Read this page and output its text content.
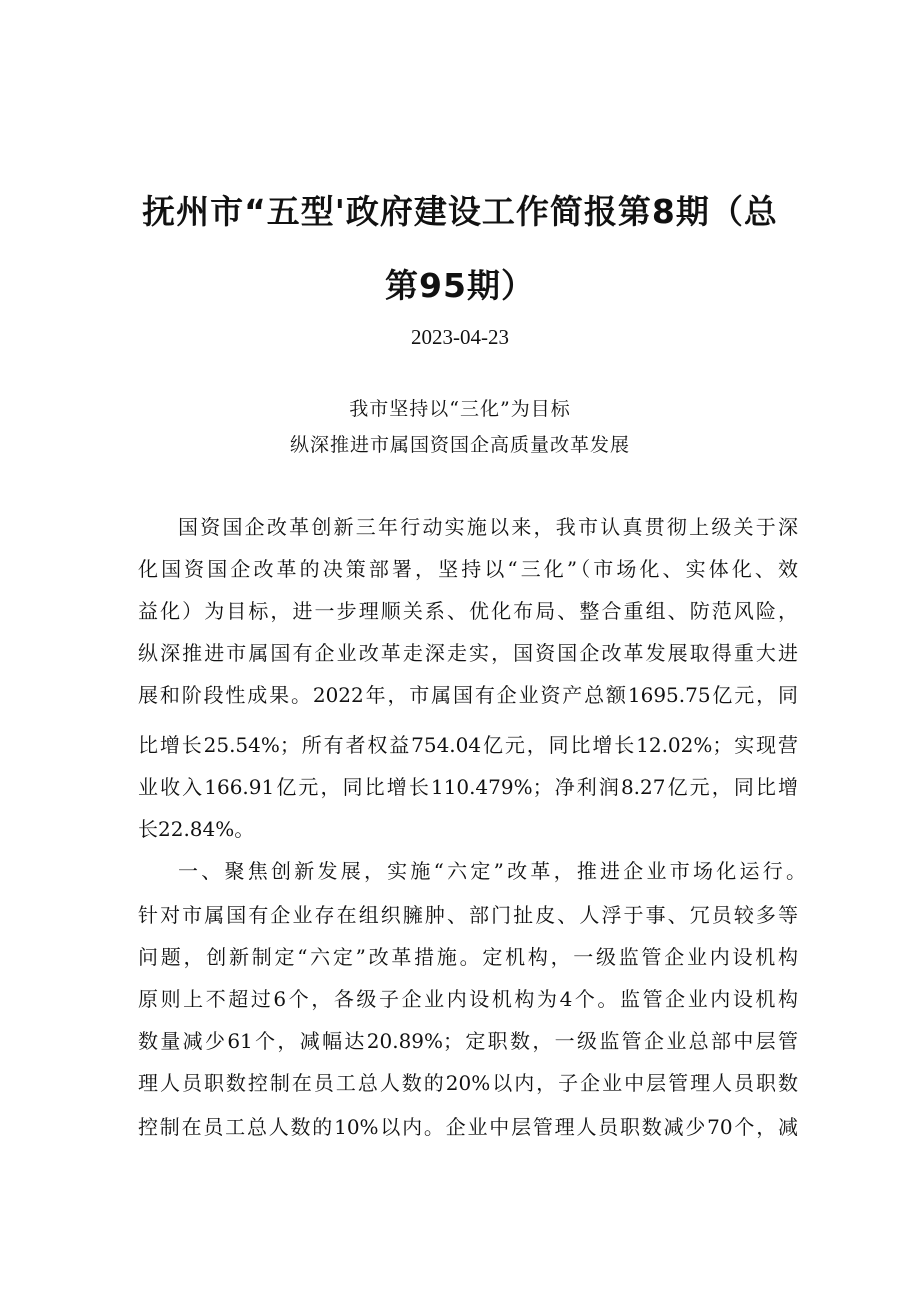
抚州市“五型'政府建设工作简报第8期（总
第95期）

2023-04-23

我市坚持以“三化”为目标

纵深推进市属国资国企高质量改革发展

国资国企改革创新三年行动实施以来，我市认真贯彻上级关于深

化国资国企改革的决策部署，坚持以“三化”（市场化、实体化、效

益化）为目标，进一步理顺关系、优化布局、整合重组、防范风险，

纵深推进市属国有企业改革走深走实，国资国企改革发展取得重大进

展和阶段性成果。2022年，市属国有企业资产总额1695.75亿元，同

比增长25.54%；所有者权益754.04亿元，同比增长12.02%；实现营

业收入166.91亿元，同比增长110.479%；净利润8.27亿元，同比增

长22.84%。

一、聚焦创新发展，实施“六定”改革，推进企业市场化运行。

针对市属国有企业存在组织臃肿、部门扯皮、人浮于事、冗员较多等

问题，创新制定“六定”改革措施。定机构，一级监管企业内设机构

原则上不超过6个，各级子企业内设机构为4个。监管企业内设机构

数量减少61个，减幅达20.89%；定职数，一级监管企业总部中层管

理人员职数控制在员工总人数的20%以内，子企业中层管理人员职数

控制在员工总人数的10%以内。企业中层管理人员职数减少70个，减
